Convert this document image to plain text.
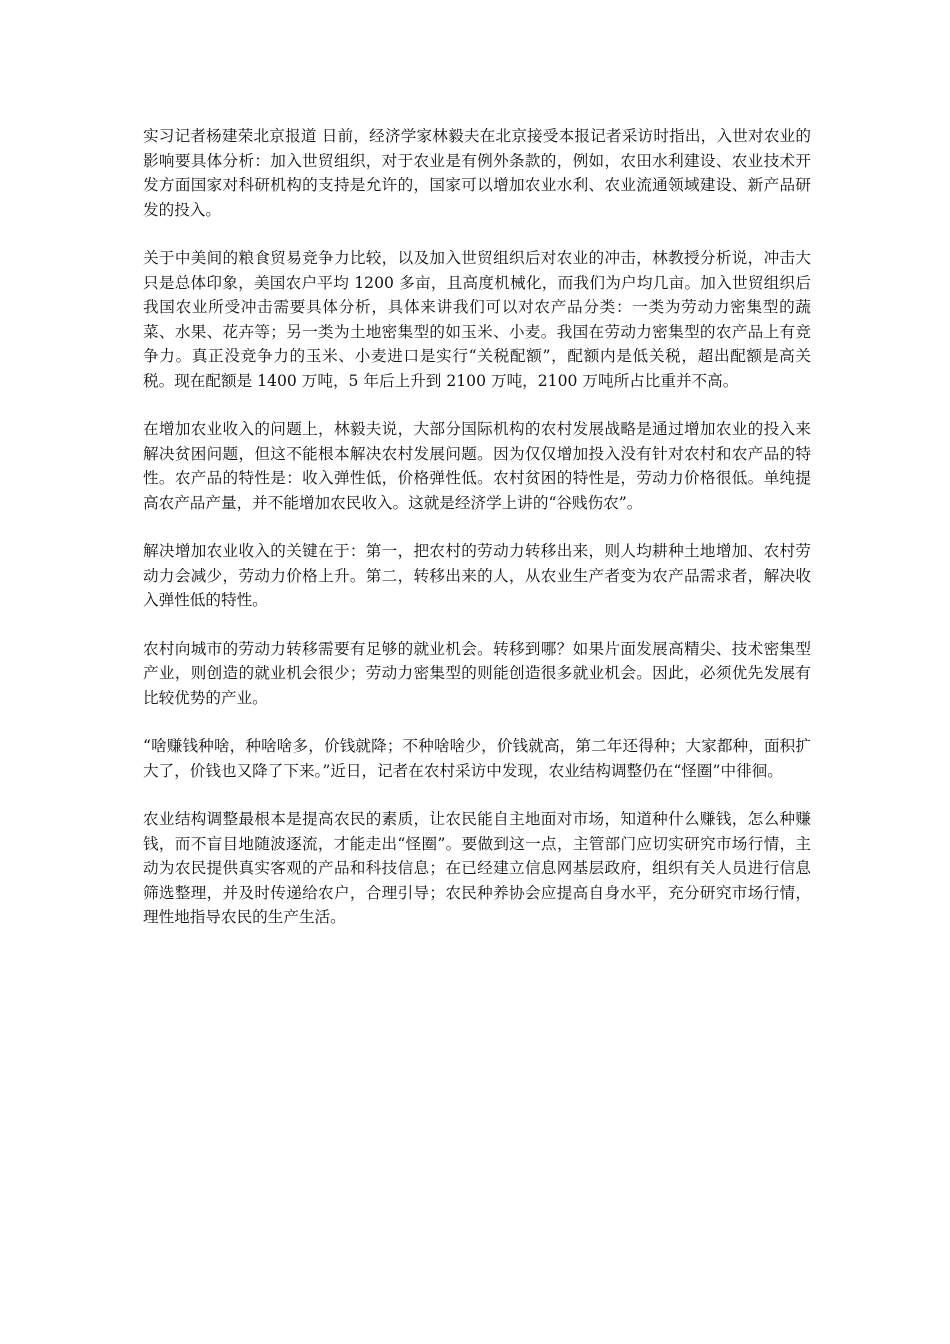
实习记者杨建荣北京报道 日前，经济学家林毅夫在北京接受本报记者采访时指出，入世对农业的影响要具体分析：加入世贸组织，对于农业是有例外条款的，例如，农田水利建设、农业技术开发方面国家对科研机构的支持是允许的，国家可以增加农业水利、农业流通领域建设、新产品研发的投入。

关于中美间的粮食贸易竞争力比较，以及加入世贸组织后对农业的冲击，林教授分析说，冲击大只是总体印象，美国农户平均 1200 多亩，且高度机械化，而我们为户均几亩。加入世贸组织后我国农业所受冲击需要具体分析，具体来讲我们可以对农产品分类：一类为劳动力密集型的蔬菜、水果、花卉等；另一类为土地密集型的如玉米、小麦。我国在劳动力密集型的农产品上有竞争力。真正没竞争力的玉米、小麦进口是实行“关税配额”，配额内是低关税，超出配额是高关税。现在配额是 1400 万吨，5 年后上升到 2100 万吨，2100 万吨所占比重并不高。

在增加农业收入的问题上，林毅夫说，大部分国际机构的农村发展战略是通过增加农业的投入来解决贫困问题，但这不能根本解决农村发展问题。因为仅仅增加投入没有针对农村和农产品的特性。农产品的特性是：收入弹性低，价格弹性低。农村贫困的特性是，劳动力价格很低。单纯提高农产品产量，并不能增加农民收入。这就是经济学上讲的“谷贱伤农”。

解决增加农业收入的关键在于：第一，把农村的劳动力转移出来，则人均耕种土地增加、农村劳动力会减少，劳动力价格上升。第二，转移出来的人，从农业生产者变为农产品需求者，解决收入弹性低的特性。

农村向城市的劳动力转移需要有足够的就业机会。转移到哪？如果片面发展高精尖、技术密集型产业，则创造的就业机会很少；劳动力密集型的则能创造很多就业机会。因此，必须优先发展有比较优势的产业。

“啥赚钱种啥，种啥啥多，价钱就降；不种啥啥少，价钱就高，第二年还得种；大家都种，面积扩大了，价钱也又降了下来。”近日，记者在农村采访中发现，农业结构调整仍在“怪圈”中徘徊。

农业结构调整最根本是提高农民的素质，让农民能自主地面对市场，知道种什么赚钱，怎么种赚钱，而不盲目地随波逐流，才能走出“怪圈”。要做到这一点，主管部门应切实研究市场行情，主动为农民提供真实客观的产品和科技信息；在已经建立信息网基层政府，组织有关人员进行信息筛选整理，并及时传递给农户，合理引导；农民种养协会应提高自身水平，充分研究市场行情，理性地指导农民的生产生活。
